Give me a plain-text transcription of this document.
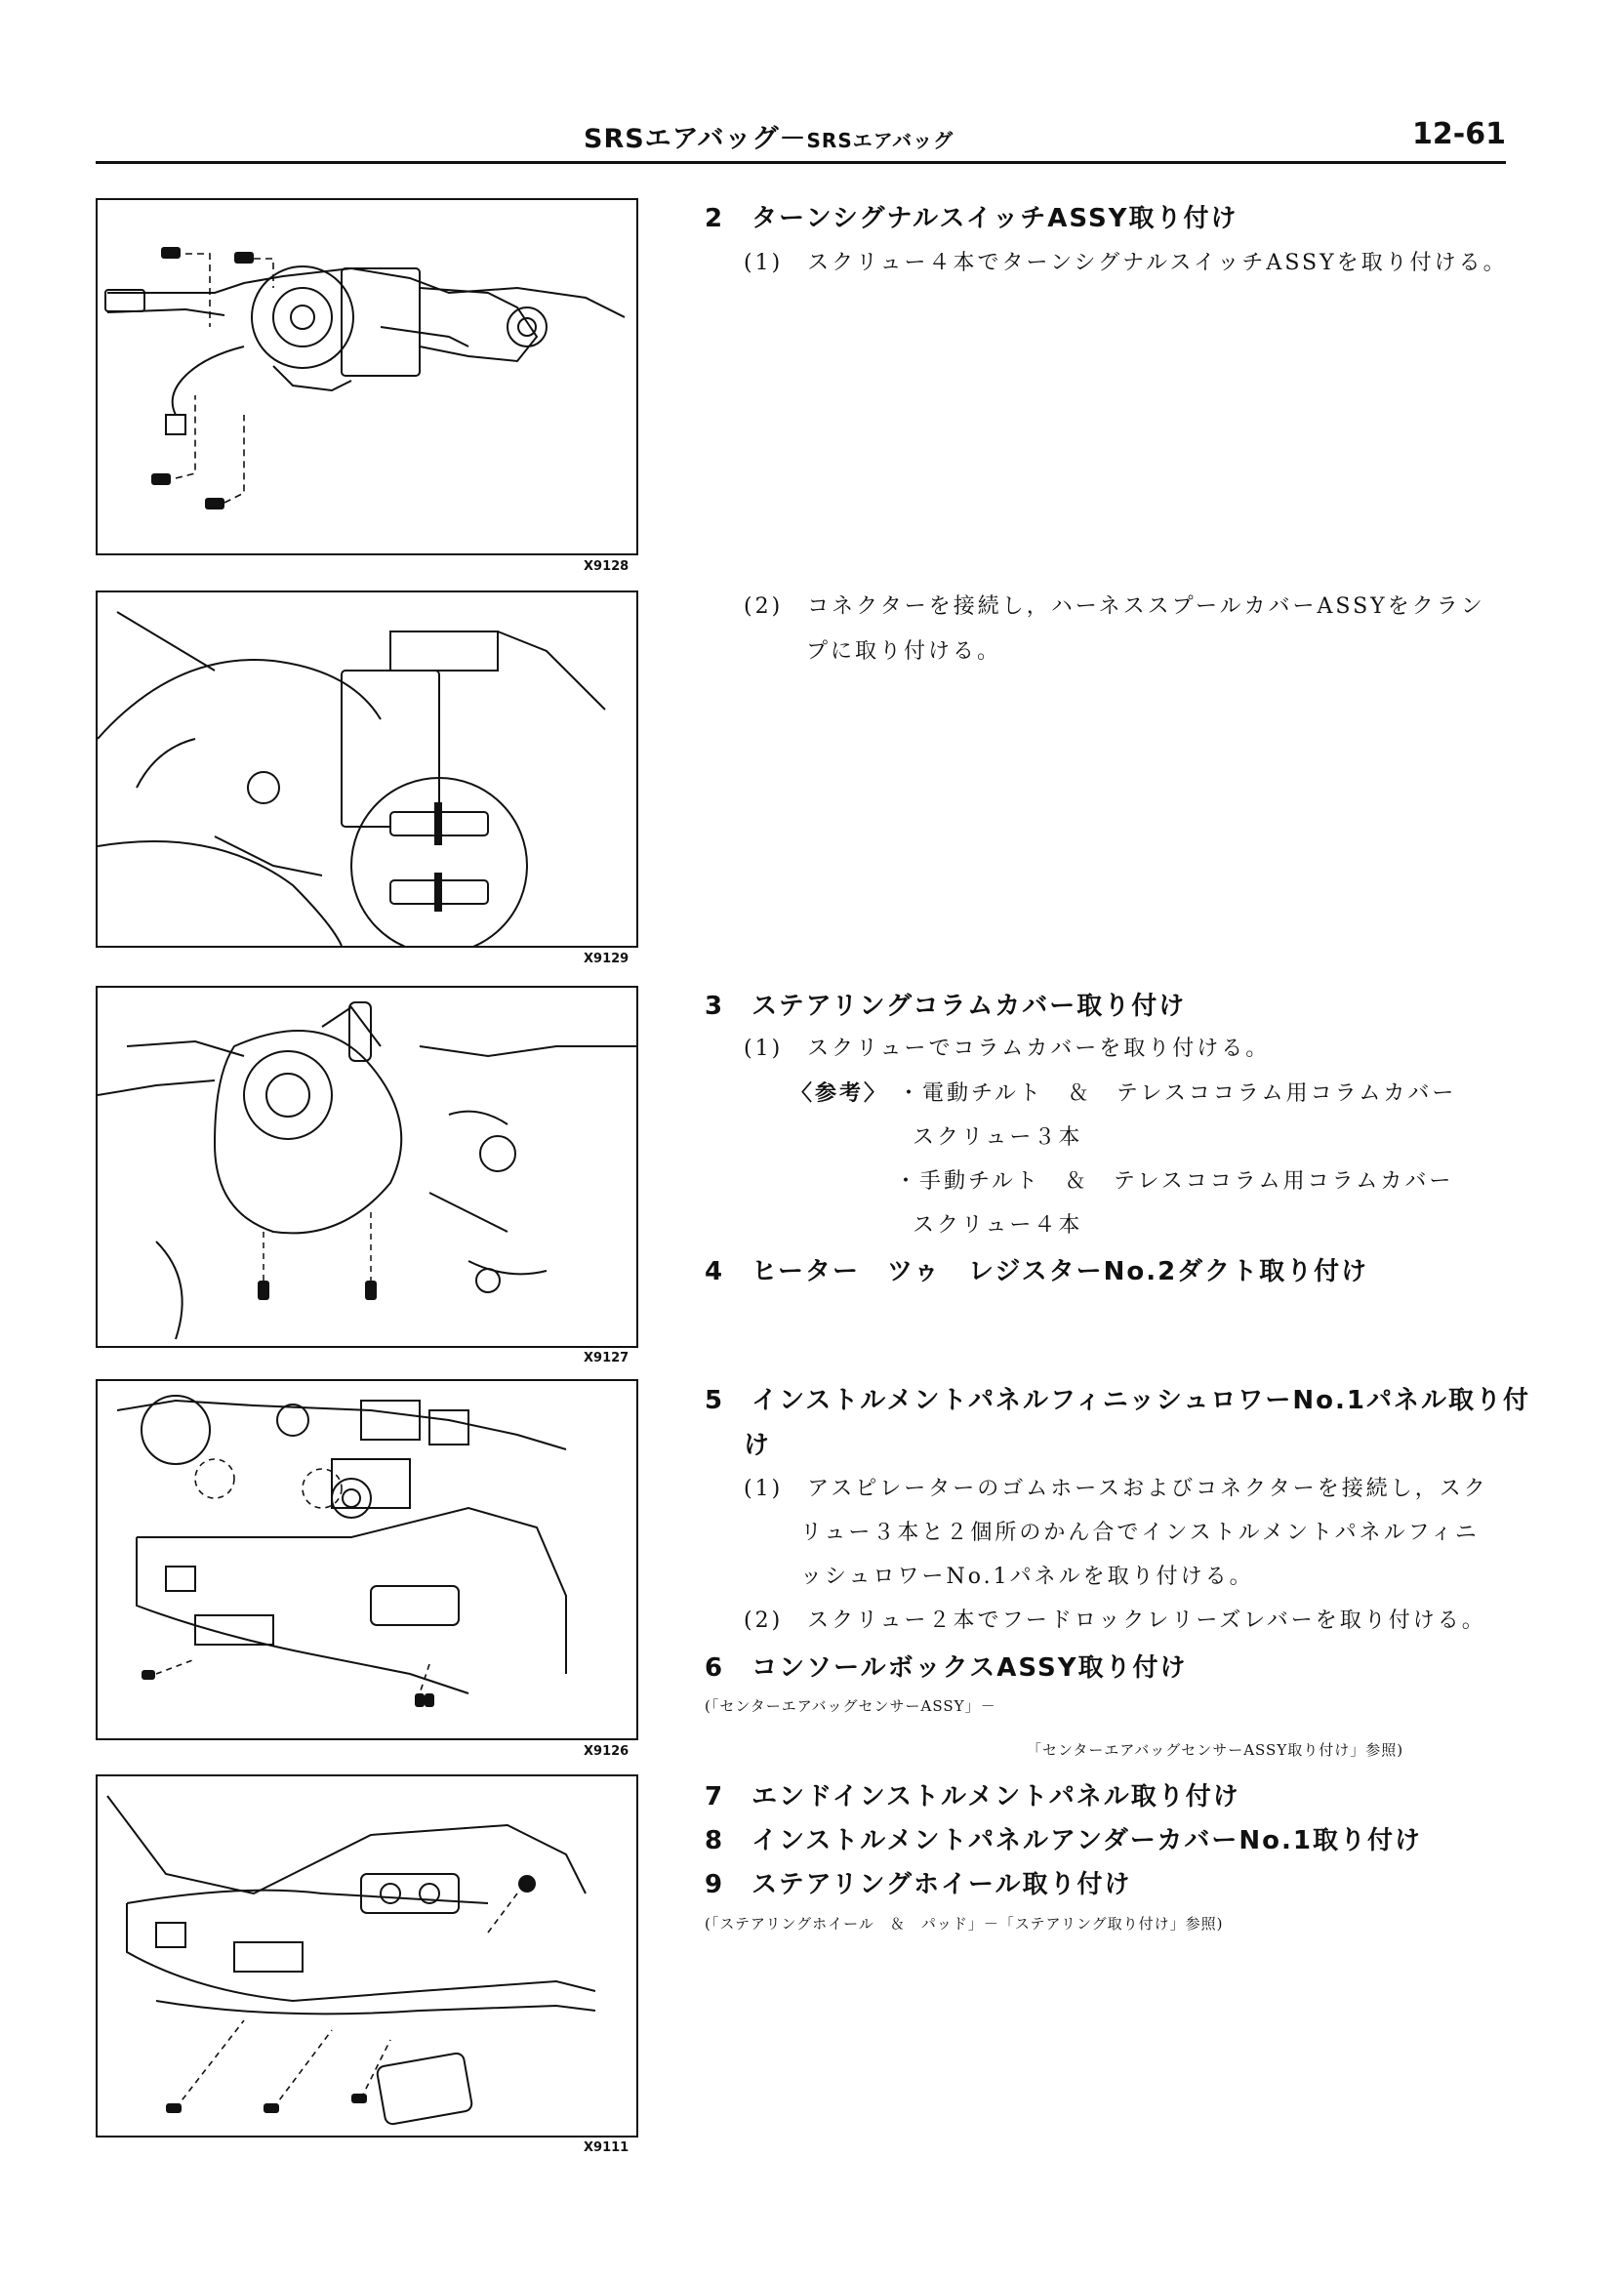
SRSエアバッグ－SRSエアバッグ	12-61
X9128
X9129
X9127
X9126
X9111
2　ターンシグナルスイッチASSY取り付け
(1)　スクリュー４本でターンシグナルスイッチASSYを取り付ける。
(2)　コネクターを接続し，ハーネススプールカバーASSYをクラン
プに取り付ける。
3　ステアリングコラムカバー取り付け
(1)　スクリューでコラムカバーを取り付ける。
〈参考〉 ・電動チルト　＆　テレスココラム用コラムカバー
スクリュー３本
・手動チルト　＆　テレスココラム用コラムカバー
スクリュー４本
4　ヒーター　ツゥ　レジスターNo.2ダクト取り付け
5　インストルメントパネルフィニッシュロワーNo.1パネル取り付
け
(1)　アスピレーターのゴムホースおよびコネクターを接続し，スク
リュー３本と２個所のかん合でインストルメントパネルフィニ
ッシュロワーNo.1パネルを取り付ける。
(2)　スクリュー２本でフードロックレリーズレバーを取り付ける。
6　コンソールボックスASSY取り付け
(「センターエアバッグセンサーASSY」－
「センターエアバッグセンサーASSY取り付け」参照)
7　エンドインストルメントパネル取り付け
8　インストルメントパネルアンダーカバーNo.1取り付け
9　ステアリングホイール取り付け
(「ステアリングホイール　＆　パッド」－「ステアリング取り付け」参照)
